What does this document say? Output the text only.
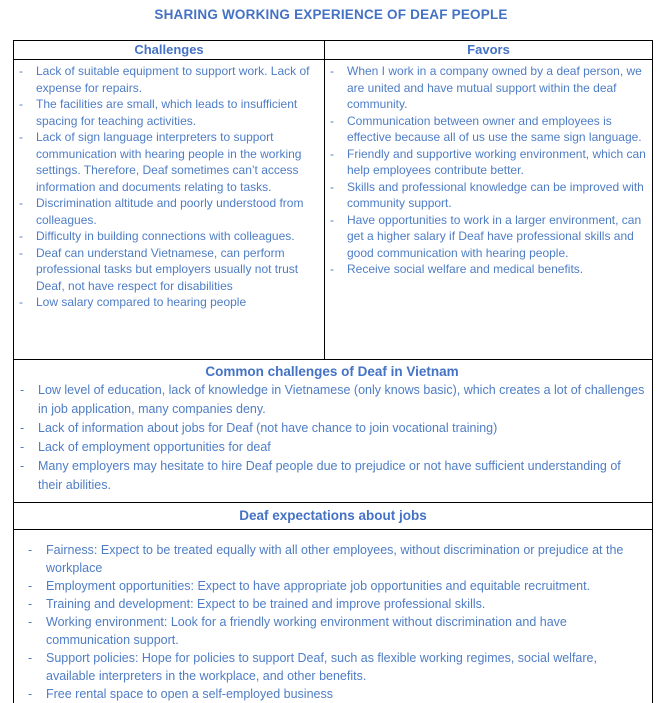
SHARING WORKING EXPERIENCE OF DEAF PEOPLE
Challenges	Favors
- Lack of suitable equipment to support work. Lack of expense for repairs.
- The facilities are small, which leads to insufficient spacing for teaching activities.
- Lack of sign language interpreters to support communication with hearing people in the working settings. Therefore, Deaf sometimes can’t access information and documents relating to tasks.
- Discrimination altitude and poorly understood from colleagues.
- Difficulty in building connections with colleagues.
- Deaf can understand Vietnamese, can perform professional tasks but employers usually not trust Deaf, not have respect for disabilities
- Low salary compared to hearing people
- When I work in a company owned by a deaf person, we are united and have mutual support within the deaf community.
- Communication between owner and employees is effective because all of us use the same sign language.
- Friendly and supportive working environment, which can help employees contribute better.
- Skills and professional knowledge can be improved with community support.
- Have opportunities to work in a larger environment, can get a higher salary if Deaf have professional skills and good communication with hearing people.
- Receive social welfare and medical benefits.
Common challenges of Deaf in Vietnam
- Low level of education, lack of knowledge in Vietnamese (only knows basic), which creates a lot of challenges in job application, many companies deny.
- Lack of information about jobs for Deaf (not have chance to join vocational training)
- Lack of employment opportunities for deaf
- Many employers may hesitate to hire Deaf people due to prejudice or not have sufficient understanding of their abilities.
Deaf expectations about jobs
- Fairness: Expect to be treated equally with all other employees, without discrimination or prejudice at the workplace
- Employment opportunities: Expect to have appropriate job opportunities and equitable recruitment.
- Training and development: Expect to be trained and improve professional skills.
- Working environment: Look for a friendly working environment without discrimination and have communication support.
- Support policies: Hope for policies to support Deaf, such as flexible working regimes, social welfare, available interpreters in the workplace, and other benefits.
- Free rental space to open a self-employed business
